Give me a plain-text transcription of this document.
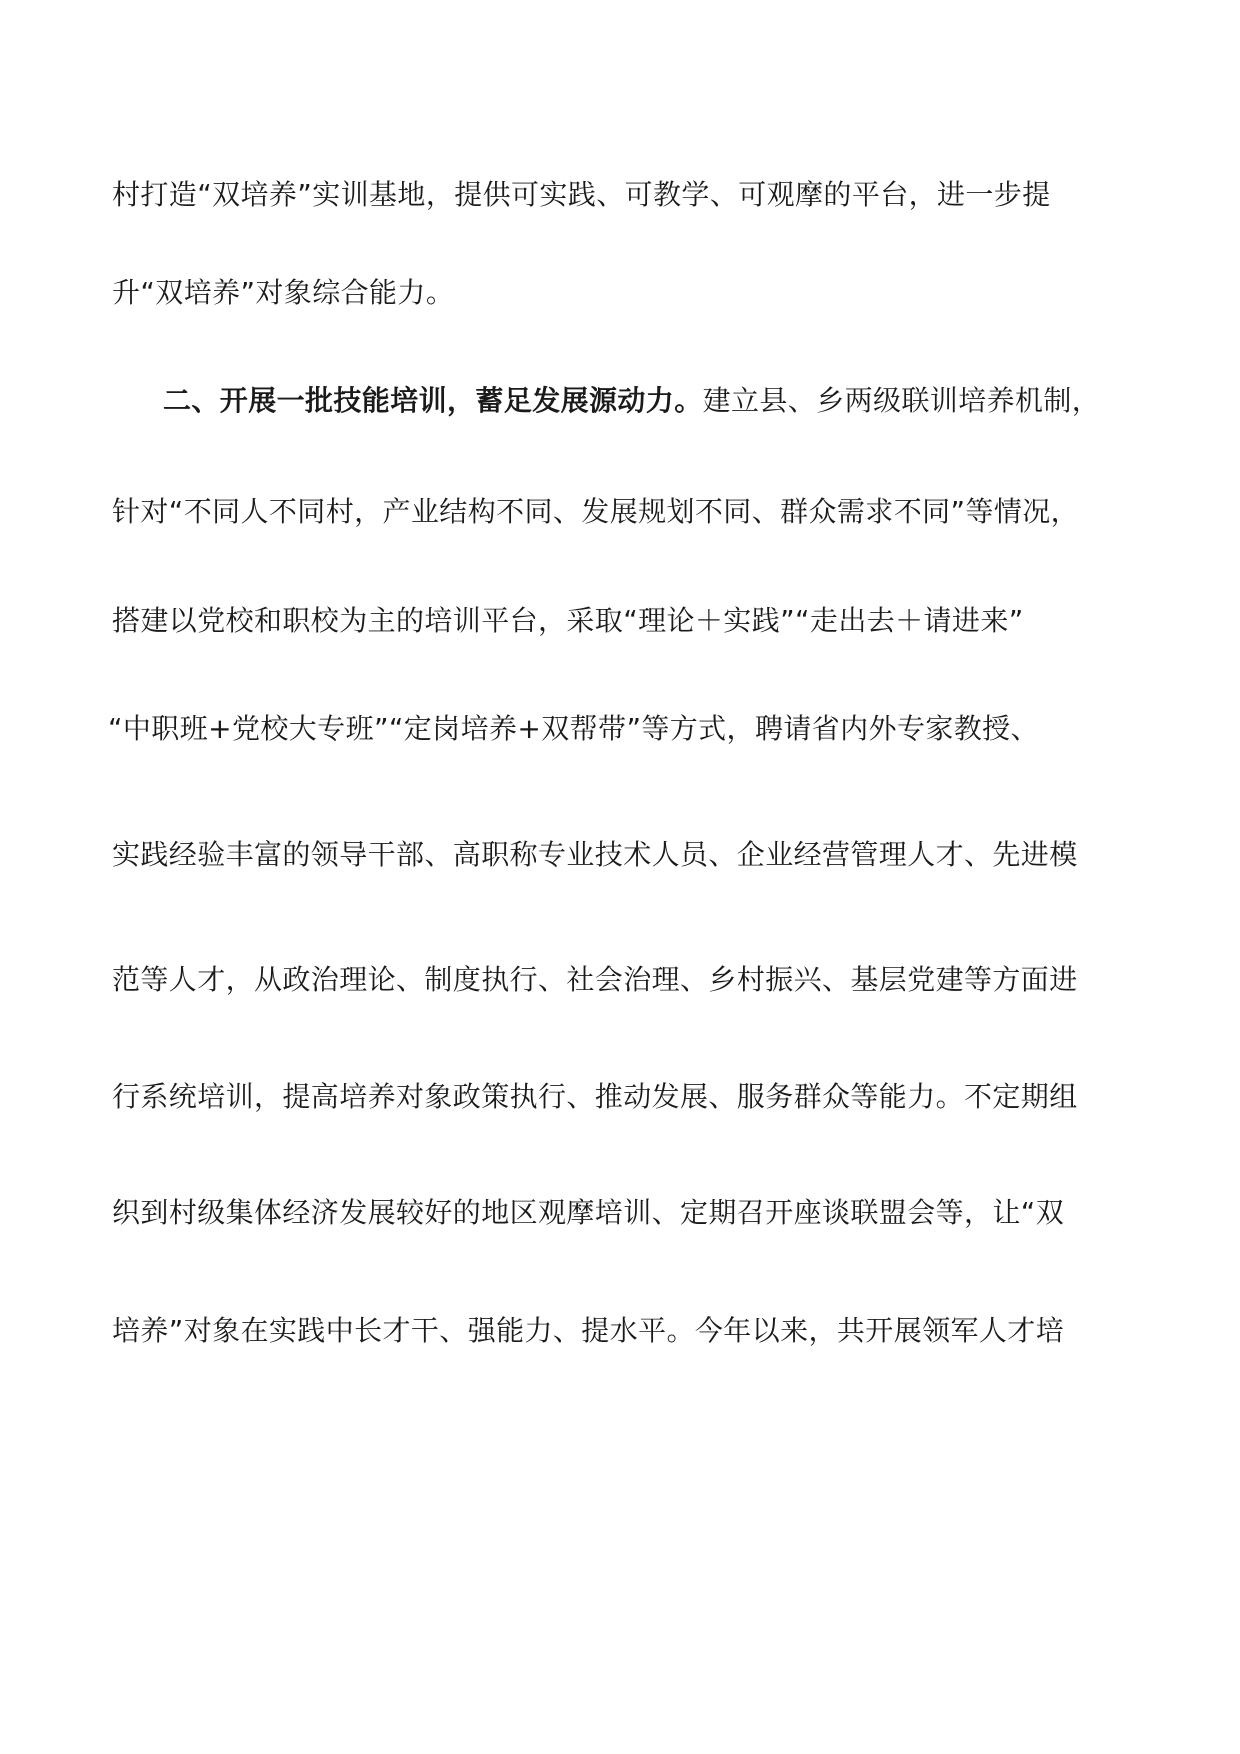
村打造“双培养”实训基地，提供可实践、可教学、可观摩的平台，进一步提
升“双培养”对象综合能力。
二、开展一批技能培训，蓄足发展源动力。建立县、乡两级联训培养机制，
针对“不同人不同村，产业结构不同、发展规划不同、群众需求不同”等情况，
搭建以党校和职校为主的培训平台，采取“理论＋实践”“走出去＋请进来”
“中职班+党校大专班”“定岗培养+双帮带”等方式，聘请省内外专家教授、
实践经验丰富的领导干部、高职称专业技术人员、企业经营管理人才、先进模
范等人才，从政治理论、制度执行、社会治理、乡村振兴、基层党建等方面进
行系统培训，提高培养对象政策执行、推动发展、服务群众等能力。不定期组
织到村级集体经济发展较好的地区观摩培训、定期召开座谈联盟会等，让“双
培养”对象在实践中长才干、强能力、提水平。今年以来，共开展领军人才培
